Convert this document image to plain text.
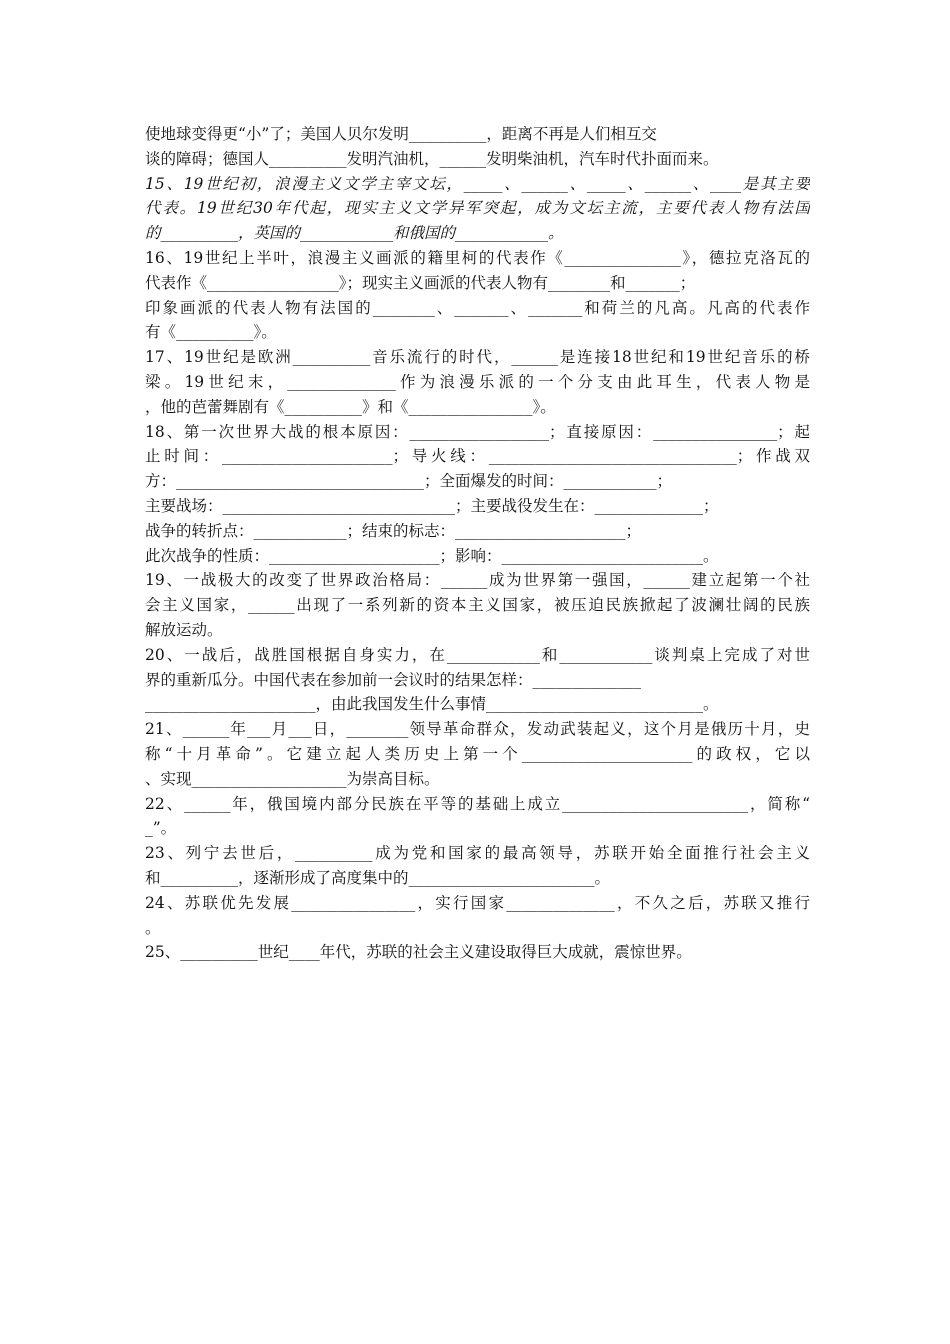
使地球变得更“小”了；美国人贝尔发明__________，距离不再是人们相互交
谈的障碍；德国人__________发明汽油机，______发明柴油机，汽车时代扑面而来。
15、19世纪初，浪漫主义文学主宰文坛，_____、______、_____、______、____是其主要
代表。19世纪30年代起，现实主义文学异军突起，成为文坛主流，主要代表人物有法国
的__________，英国的____________和俄国的____________。
16、19世纪上半叶，浪漫主义画派的籍里柯的代表作《_______________》，德拉克洛瓦的
代表作《_________________》；现实主义画派的代表人物有________和_______；
印象画派的代表人物有法国的________、_______、_______和荷兰的凡高。凡高的代表作
有《__________》。
17、19世纪是欧洲__________音乐流行的时代，______是连接18世纪和19世纪音乐的桥
梁。19世纪末，______________作为浪漫乐派的一个分支由此耳生，代表人物是
，他的芭蕾舞剧有《__________》和《________________》。
18、第一次世界大战的根本原因：__________________；直接原因：________________；起
止时间：______________________；导火线：________________________________；作战双
方：________________________________；全面爆发的时间：____________；
主要战场：______________________________；主要战役发生在：______________；
战争的转折点：____________；结束的标志：______________________；
此次战争的性质：______________________；影响：__________________________。
19、一战极大的改变了世界政治格局：______成为世界第一强国，______建立起第一个社
会主义国家，______出现了一系列新的资本主义国家，被压迫民族掀起了波澜壮阔的民族
解放运动。
20、一战后，战胜国根据自身实力，在____________和____________谈判桌上完成了对世
界的重新瓜分。中国代表在参加前一会议时的结果怎样：______________
______________________，由此我国发生什么事情____________________________。
21、______年___月___日，________领导革命群众，发动武装起义，这个月是俄历十月，史
称“十月革命”。它建立起人类历史上第一个______________________的政权，它以
、实现____________________为崇高目标。
22、______年，俄国境内部分民族在平等的基础上成立________________________，简称“
_”。
23、列宁去世后，__________成为党和国家的最高领导，苏联开始全面推行社会主义
和__________，逐渐形成了高度集中的________________________。
24、苏联优先发展________________，实行国家______________，不久之后，苏联又推行
。
25、__________世纪____年代，苏联的社会主义建设取得巨大成就，震惊世界。
